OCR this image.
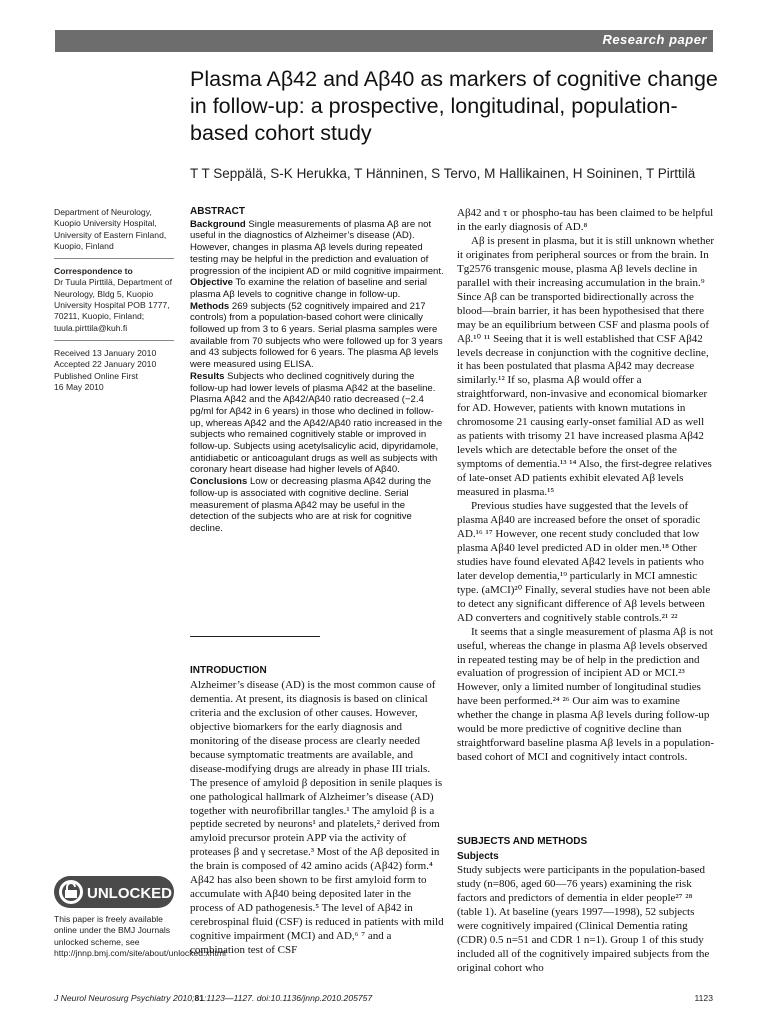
Research paper
Plasma Aβ42 and Aβ40 as markers of cognitive change in follow-up: a prospective, longitudinal, population-based cohort study

T T Seppälä, S-K Herukka, T Hänninen, S Tervo, M Hallikainen, H Soininen, T Pirttilä

Department of Neurology, Kuopio University Hospital, University of Eastern Finland, Kuopio, Finland

Correspondence to

Dr Tuula Pirttilä, Department of Neurology, Bldg 5, Kuopio University Hospital POB 1777, 70211, Kuopio, Finland; tuula.pirttila@kuh.fi

Received 13 January 2010

Accepted 22 January 2010

Published Online First

16 May 2010

UNLOCKED

This paper is freely available online under the BMJ Journals unlocked scheme, see http://jnnp.bmj.com/site/about/unlocked.xhtml

ABSTRACT

Background Single measurements of plasma Aβ are not useful in the diagnostics of Alzheimer’s disease (AD). However, changes in plasma Aβ levels during repeated testing may be helpful in the prediction and evaluation of progression of the incipient AD or mild cognitive impairment.

Objective To examine the relation of baseline and serial plasma Aβ levels to cognitive change in follow-up.

Methods 269 subjects (52 cognitively impaired and 217 controls) from a population-based cohort were clinically followed up from 3 to 6 years. Serial plasma samples were available from 70 subjects who were followed up for 3 years and 43 subjects followed for 6 years. The plasma Aβ levels were measured using ELISA.

Results Subjects who declined cognitively during the follow-up had lower levels of plasma Aβ42 at the baseline. Plasma Aβ42 and the Aβ42/Aβ40 ratio decreased (−2.4 pg/ml for Aβ42 in 6 years) in those who declined in follow-up, whereas Aβ42 and the Aβ42/Aβ40 ratio increased in the subjects who remained cognitively stable or improved in follow-up. Subjects using acetylsalicylic acid, dipyridamole, antidiabetic or anticoagulant drugs as well as subjects with coronary heart disease had higher levels of Aβ40.

Conclusions Low or decreasing plasma Aβ42 during the follow-up is associated with cognitive decline. Serial measurement of plasma Aβ42 may be useful in the detection of the subjects who are at risk for cognitive decline.

INTRODUCTION

Alzheimer’s disease (AD) is the most common cause of dementia. At present, its diagnosis is based on clinical criteria and the exclusion of other causes. However, objective biomarkers for the early diagnosis and monitoring of the disease process are clearly needed because symptomatic treatments are available, and disease-modifying drugs are already in phase III trials. The presence of amyloid β deposition in senile plaques is one pathological hallmark of Alzheimer’s disease (AD) together with neurofibrillar tangles.¹ The amyloid β is a peptide secreted by neurons¹ and platelets,² derived from amyloid precursor protein APP via the activity of proteases β and γ secretase.³ Most of the Aβ deposited in the brain is composed of 42 amino acids (Aβ42) form.⁴ Aβ42 has also been shown to be first amyloid form to accumulate with Aβ40 being deposited later in the process of AD pathogenesis.⁵ The level of Aβ42 in cerebrospinal fluid (CSF) is reduced in patients with mild cognitive impairment (MCI) and AD,⁶ ⁷ and a combination test of CSF

Aβ42 and τ or phospho-tau has been claimed to be helpful in the early diagnosis of AD.⁸

Aβ is present in plasma, but it is still unknown whether it originates from peripheral sources or from the brain. In Tg2576 transgenic mouse, plasma Aβ levels decline in parallel with their increasing accumulation in the brain.⁹ Since Aβ can be transported bidirectionally across the blood—brain barrier, it has been hypothesised that there may be an equilibrium between CSF and plasma pools of Aβ.¹⁰ ¹¹ Seeing that it is well established that CSF Aβ42 levels decrease in conjunction with the cognitive decline, it has been postulated that plasma Aβ42 may decrease similarly.¹² If so, plasma Aβ would offer a straightforward, non-invasive and economical biomarker for AD. However, patients with known mutations in chromosome 21 causing early-onset familial AD as well as patients with trisomy 21 have increased plasma Aβ42 levels which are detectable before the onset of the symptoms of dementia.¹³ ¹⁴ Also, the first-degree relatives of late-onset AD patients exhibit elevated Aβ levels measured in plasma.¹⁵

Previous studies have suggested that the levels of plasma Aβ40 are increased before the onset of sporadic AD.¹⁶ ¹⁷ However, one recent study concluded that low plasma Aβ40 level predicted AD in older men.¹⁸ Other studies have found elevated Aβ42 levels in patients who later develop dementia,¹⁹ particularly in MCI amnestic type. (aMCI)²⁰ Finally, several studies have not been able to detect any significant difference of Aβ levels between AD converters and cognitively stable controls.²¹ ²²

It seems that a single measurement of plasma Aβ is not useful, whereas the change in plasma Aβ levels observed in repeated testing may be of help in the prediction and evaluation of progression of incipient AD or MCI.²³ However, only a limited number of longitudinal studies have been performed.²⁴ ²⁶ Our aim was to examine whether the change in plasma Aβ levels during follow-up would be more predictive of cognitive decline than straightforward baseline plasma Aβ levels in a population-based cohort of MCI and cognitively intact controls.

SUBJECTS AND METHODS

Subjects

Study subjects were participants in the population-based study (n=806, aged 60—76 years) examining the risk factors and predictors of dementia in elder people²⁷ ²⁸ (table 1). At baseline (years 1997—1998), 52 subjects were cognitively impaired (Clinical Dementia rating (CDR) 0.5 n=51 and CDR 1 n=1). Group 1 of this study included all of the cognitively impaired subjects from the original cohort who

J Neurol Neurosurg Psychiatry 2010;81:1123—1127. doi:10.1136/jnnp.2010.205757	1123
